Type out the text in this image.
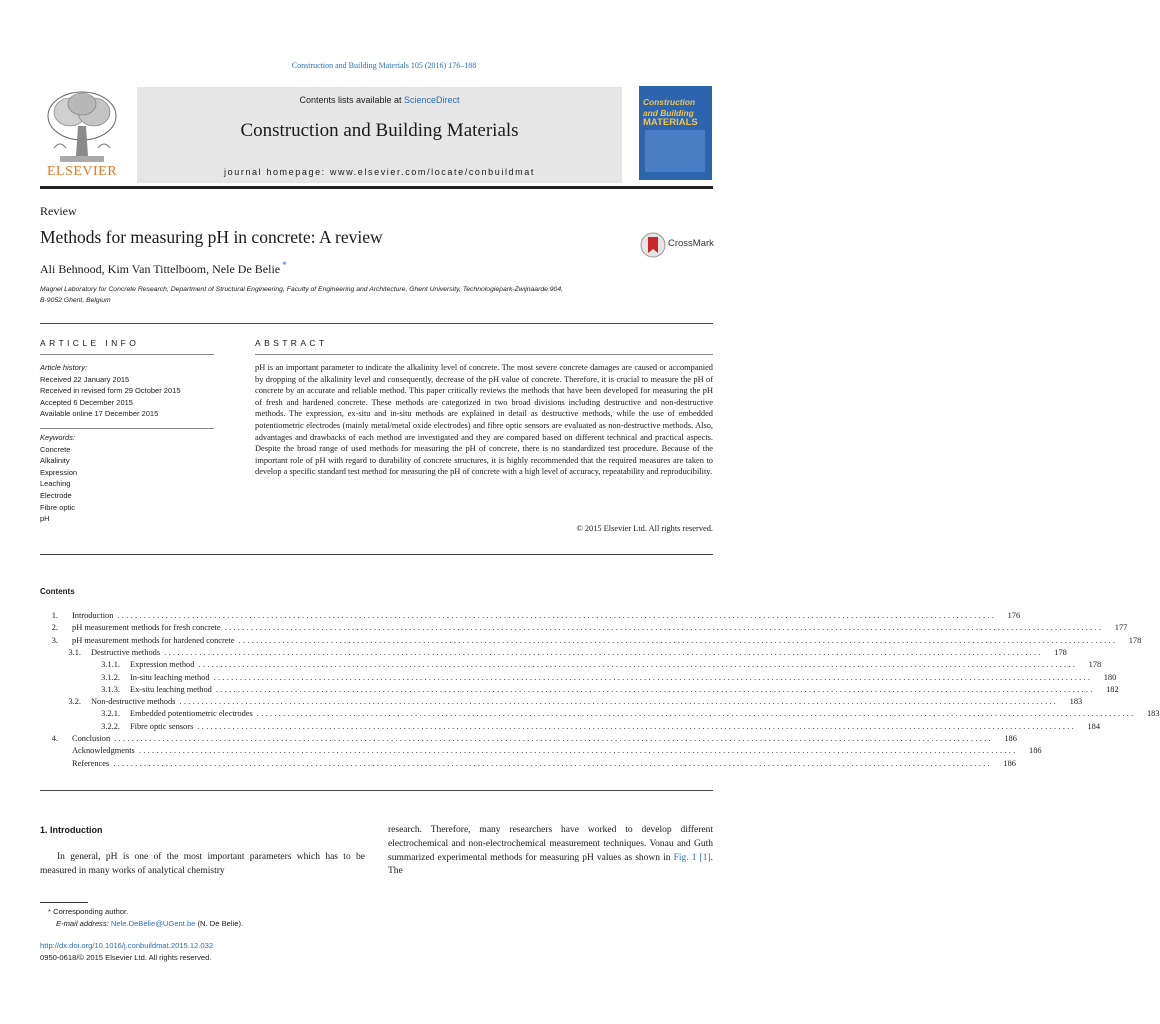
Construction and Building Materials 105 (2016) 176–188
ELSEVIER
Contents lists available at ScienceDirect
Construction and Building Materials
journal homepage: www.elsevier.com/locate/conbuildmat
Construction
and Building
MATERIALS
Review
Methods for measuring pH in concrete: A review
Ali Behnood, Kim Van Tittelboom, Nele De Belie *
CrossMark
Magnel Laboratory for Concrete Research, Department of Structural Engineering, Faculty of Engineering and Architecture, Ghent University, Technologiepark-Zwijnaarde 904,
B-9052 Ghent, Belgium
ARTICLE INFO
Article history:
Received 22 January 2015
Received in revised form 29 October 2015
Accepted 6 December 2015
Available online 17 December 2015
Keywords:
Concrete
Alkalinity
Expression
Leaching
Electrode
Fibre optic
pH
ABSTRACT
pH is an important parameter to indicate the alkalinity level of concrete. The most severe concrete damages are caused or accompanied by dropping of the alkalinity level and consequently, decrease of the pH value of concrete. Therefore, it is crucial to measure the pH of concrete by an accurate and reliable method. This paper critically reviews the methods that have been developed for measuring the pH of fresh and hardened concrete. These methods are categorized in two broad divisions including destructive and non-destructive methods. The expression, ex-situ and in-situ methods are explained in detail as destructive methods, while the use of embedded potentiometric electrodes (mainly metal/metal oxide electrodes) and fibre optic sensors are evaluated as non-destructive methods. Also, advantages and drawbacks of each method are investigated and they are compared based on different technical and practical aspects. Despite the broad range of used methods for measuring the pH of concrete, there is no standardized test procedure. Because of the important role of pH with regard to durability of concrete structures, it is highly recommended that the required measures are taken to develop a specific standard test method for measuring the pH of concrete with a high level of accuracy, repeatability and reproducibility.
© 2015 Elsevier Ltd. All rights reserved.
Contents
1.	Introduction ........................................................................................................................................................................................................	176
2.	pH measurement methods for fresh concrete ........................................................................................................................................................................................................	177
3.	pH measurement methods for hardened concrete ........................................................................................................................................................................................................	178
3.1.	Destructive methods ........................................................................................................................................................................................................	178
3.1.1.	Expression method ........................................................................................................................................................................................................	178
3.1.2.	In-situ leaching method ........................................................................................................................................................................................................	180
3.1.3.	Ex-situ leaching method ........................................................................................................................................................................................................	182
3.2.	Non-destructive methods ........................................................................................................................................................................................................	183
3.2.1.	Embedded potentiometric electrodes ........................................................................................................................................................................................................	183
3.2.2.	Fibre optic sensors ........................................................................................................................................................................................................	184
4.	Conclusion ........................................................................................................................................................................................................	186
Acknowledgments ........................................................................................................................................................................................................	186
References ........................................................................................................................................................................................................	186
1. Introduction
In general, pH is one of the most important parameters which has to be measured in many works of analytical chemistry
research. Therefore, many researchers have worked to develop different electrochemical and non-electrochemical measurement techniques. Vonau and Guth summarized experimental methods for measuring pH values as shown in Fig. 1 [1]. The
* Corresponding author.
E-mail address: Nele.DeBelie@UGent.be (N. De Belie).
http://dx.doi.org/10.1016/j.conbuildmat.2015.12.032
0950-0618/© 2015 Elsevier Ltd. All rights reserved.
